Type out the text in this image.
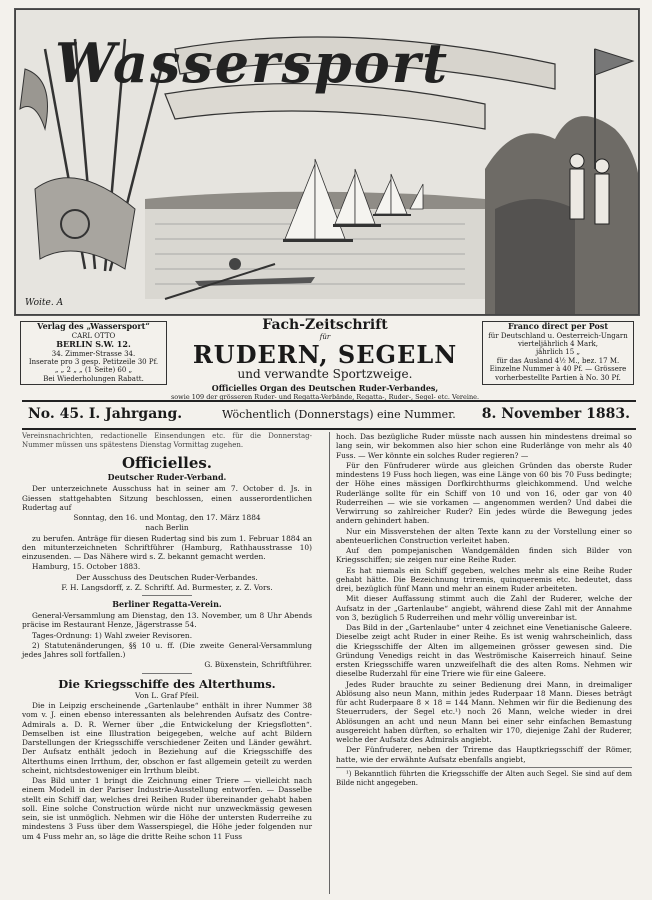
Wassersport
Woite. A
Verlag des „Wassersport“
CARL OTTO
BERLIN S.W. 12.
34. Zimmer-Strasse 34.
Inserate pro 3 gesp. Petitzeile 30 Pf.
„ „ 2 „ „ (1 Seite) 60 „
Bei Wiederholungen Rabatt.
Franco direct per Post
für Deutschland u. Oesterreich-Ungarn
vierteljährlich 4 Mark,
jährlich 15 „
für das Ausland 4½ M., bez. 17 M.
Einzelne Nummer à 40 Pf. — Grössere
vorherbestellte Partien à No. 30 Pf.
Fach-Zeitschrift
für
RUDERN, SEGELN
und verwandte Sportzweige.
Officielles Organ des Deutschen Ruder-Verbandes,
sowie 109 der grösseren Ruder- und Regatta-Verbände, Regatta-, Ruder-, Segel- etc. Vereine.
No. 45. I. Jahrgang.	Wöchentlich (Donnerstags) eine Nummer. 8. November 1883.

Vereinsnachrichten, redactionelle Einsendungen etc. für die Donnerstag-Nummer müssen uns spätestens Dienstag Vormittag zugehen.

Officielles.

Deutscher Ruder-Verband.

Der unterzeichnete Ausschuss hat in seiner am 7. October d. Js. in Giessen stattgehabten Sitzung beschlossen, einen ausserordentlichen Rudertag auf

Sonntag, den 16. und Montag, den 17. März 1884

nach Berlin

zu berufen. Anträge für diesen Rudertag sind bis zum 1. Februar 1884 an den mitunterzeichneten Schriftführer (Hamburg, Rathhausstrasse 10) einzusenden. — Das Nähere wird s. Z. bekannt gemacht werden.

Hamburg, 15. October 1883.

Der Ausschuss des Deutschen Ruder-Verbandes.

F. H. Langsdorff, z. Z. Schriftf. Ad. Burmester, z. Z. Vors.

Berliner Regatta-Verein.

General-Versammlung am Dienstag, den 13. November, um 8 Uhr Abends präcise im Restaurant Henze, Jägerstrasse 54.

Tages-Ordnung: 1) Wahl zweier Revisoren.

2) Statutenänderungen, §§ 10 u. ff. (Die zweite General-Versammlung jedes Jahres soll fortfallen.)

G. Büxenstein, Schriftführer.

Die Kriegsschiffe des Alterthums.

Von L. Graf Pfeil.

Die in Leipzig erscheinende „Gartenlaube“ enthält in ihrer Nummer 38 vom v. J. einen ebenso interessanten als belehrenden Aufsatz des Contre-Admirals a. D. R. Werner über „die Entwickelung der Kriegsflotten“. Demselben ist eine Illustration beigegeben, welche auf acht Bildern Darstellungen der Kriegsschiffe verschiedener Zeiten und Länder gewährt. Der Aufsatz enthält jedoch in Beziehung auf die Kriegsschiffe des Alterthums einen Irrthum, der, obschon er fast allgemein geteilt zu werden scheint, nichtsdestoweniger ein Irrthum bleibt.

Das Bild unter 1 bringt die Zeichnung einer Triere — vielleicht nach einem Modell in der Pariser Industrie-Ausstellung entworfen. — Dasselbe stellt ein Schiff dar, welches drei Reihen Ruder übereinander gehabt haben soll. Eine solche Construction würde nicht nur unzweckmässig gewesen sein, sie ist unmöglich. Nehmen wir die Höhe der untersten Ruderreihe zu mindestens 3 Fuss über dem Wasserspiegel, die Höhe jeder folgenden nur um 4 Fuss mehr an, so läge die dritte Reihe schon 11 Fuss

hoch. Das bezügliche Ruder müsste nach aussen hin mindestens dreimal so lang sein, wir bekommen also hier schon eine Ruderlänge von mehr als 40 Fuss. — Wer könnte ein solches Ruder regieren? —

Für den Fünfruderer würde aus gleichen Gründen das oberste Ruder mindestens 19 Fuss hoch liegen, was eine Länge von 60 bis 70 Fuss bedingte; der Höhe eines mässigen Dorfkirchthurms gleichkommend. Und welche Ruderlänge sollte für ein Schiff von 10 und von 16, oder gar von 40 Ruderreihen — wie sie vorkamen — angenommen werden? Und dabei die Verwirrung so zahlreicher Ruder? Ein jedes würde die Bewegung jedes andern gehindert haben.

Nur ein Missverstehen der alten Texte kann zu der Vorstellung einer so abenteuerlichen Construction verleitet haben.

Auf den pompejanischen Wandgemälden finden sich Bilder von Kriegsschiffen; sie zeigen nur eine Reihe Ruder.

Es hat niemals ein Schiff gegeben, welches mehr als eine Reihe Ruder gehabt hätte. Die Bezeichnung triremis, quinqueremis etc. bedeutet, dass drei, bezüglich fünf Mann und mehr an einem Ruder arbeiteten.

Mit dieser Auffassung stimmt auch die Zahl der Ruderer, welche der Aufsatz in der „Gartenlaube“ angiebt, während diese Zahl mit der Annahme von 3, bezüglich 5 Ruderreihen und mehr völlig unvereinbar ist.

Das Bild in der „Gartenlaube“ unter 4 zeichnet eine Venetianische Galeere. Dieselbe zeigt acht Ruder in einer Reihe. Es ist wenig wahrscheinlich, dass die Kriegsschiffe der Alten im allgemeinen grösser gewesen sind. Die Gründung Venedigs reicht in das Weströmische Kaiserreich hinauf. Seine ersten Kriegsschiffe waren unzweifelhaft die des alten Roms. Nehmen wir dieselbe Ruderzahl für eine Triere wie für eine Galeere.

Jedes Ruder brauchte zu seiner Bedienung drei Mann, in dreimaliger Ablösung also neun Mann, mithin jedes Ruderpaar 18 Mann. Dieses beträgt für acht Ruderpaare 8 × 18 = 144 Mann. Nehmen wir für die Bedienung des Steuerruders, der Segel etc.¹) noch 26 Mann, welche wieder in drei Ablösungen an acht und neun Mann bei einer sehr einfachen Bemastung ausgereicht haben dürften, so erhalten wir 170, diejenige Zahl der Ruderer, welche der Aufsatz des Admirals angiebt.

Der Fünfruderer, neben der Trireme das Hauptkriegsschiff der Römer, hatte, wie der erwähnte Aufsatz ebenfalls angiebt,

¹) Bekanntlich führten die Kriegsschiffe der Alten auch Segel. Sie sind auf dem Bilde nicht angegeben.
